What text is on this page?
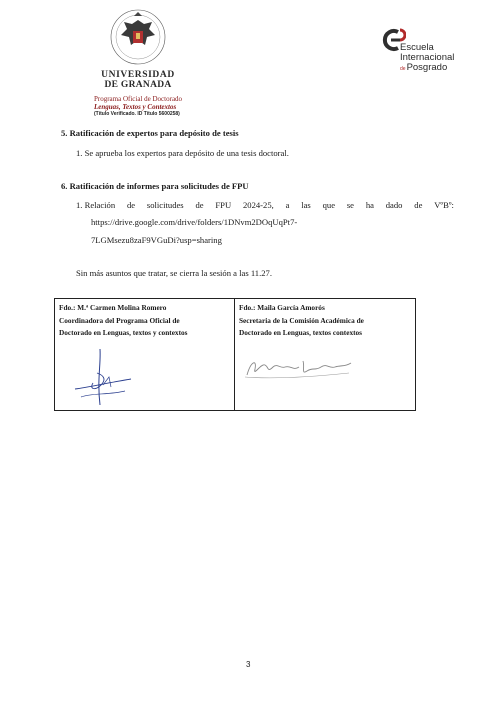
UNIVERSIDAD
DE GRANADA
Programa Oficial de Doctorado
Lenguas, Textos y Contextos
(Título Verificado. ID Título 5600258)
Escuela
Internacional
dePosgrado
5. Ratificación de expertos para depósito de tesis
1. Se aprueba los expertos para depósito de una tesis doctoral.
6. Ratificación de informes para solicitudes de FPU
1. Relación de solicitudes de FPU 2024-25, a las que se ha dado de VºBº:
https://drive.google.com/drive/folders/1DNvm2DOqUqPt7-
7LGMsezu8zaF9VGuDi?usp=sharing
Sin más asuntos que tratar, se cierra la sesión a las 11.27.
Fdo.: M.ª Carmen Molina Romero
Coordinadora del Programa Oficial de
Doctorado en Lenguas, textos y contextos
Fdo.: Maila García Amorós
Secretaria de la Comisión Académica de
Doctorado en Lenguas, textos contextos
3
